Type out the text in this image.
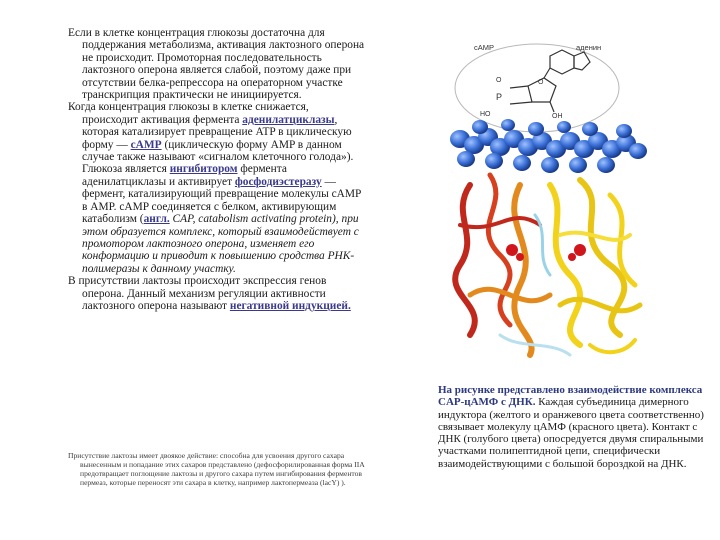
Если в клетке концентрация глюкозы достаточна для поддержания метаболизма, активация лактозного оперона не происходит. Промоторная последовательность лактозного оперона является слабой, поэтому даже при отсутствии белка-репрессора на операторном участке транскрипция практически не инициируется.

Когда концентрация глюкозы в клетке снижается, происходит активация фермента аденилатциклазы, которая катализирует превращение ATP в циклическую форму — cAMP (циклическую форму AMP в данном случае также называют «сигналом клеточного голода»). Глюкоза является ингибитором фермента аденилатциклазы и активирует фосфодиэстеразу — фермент, катализирующий превращение молекулы cAMP в AMP. cAMP соединяется с белком, активирующим катаболизм (англ. CAP, catabolism activating protein), при этом образуется комплекс, который взаимодействует с промотором лактозного оперона, изменяет его конформацию и приводит к повышению сродства РНК-полимеразы к данному участку.

В присутствии лактозы происходит экспрессия генов оперона. Данный механизм регуляции активности лактозного оперона называют негативной индукцией.

Присутствие лактозы имеет двоякое действие: способна для усвоения другого сахара вынесенным и попадание этих сахаров представлено (дефосфорилированная форма IIA предотвращает поглощение лактозы и другого сахара путем ингибирования ферментов пермеаз, которые переносят эти сахара в клетку, например лактопермеаза (lacY) ).
cAMP	аденин
O
P
O
HO	OH
На рисунке представлено взаимодействие комплекса CAP-цАМФ с ДНК. Каждая субъединица димерного индуктора (желтого и оранжевого цвета соответственно) связывает молекулу цАМФ (красного цвета). Контакт с ДНК (голубого цвета) опосредуется двумя спиральными участками полипептидной цепи, специфически взаимодействующими с большой бороздкой на ДНК.
